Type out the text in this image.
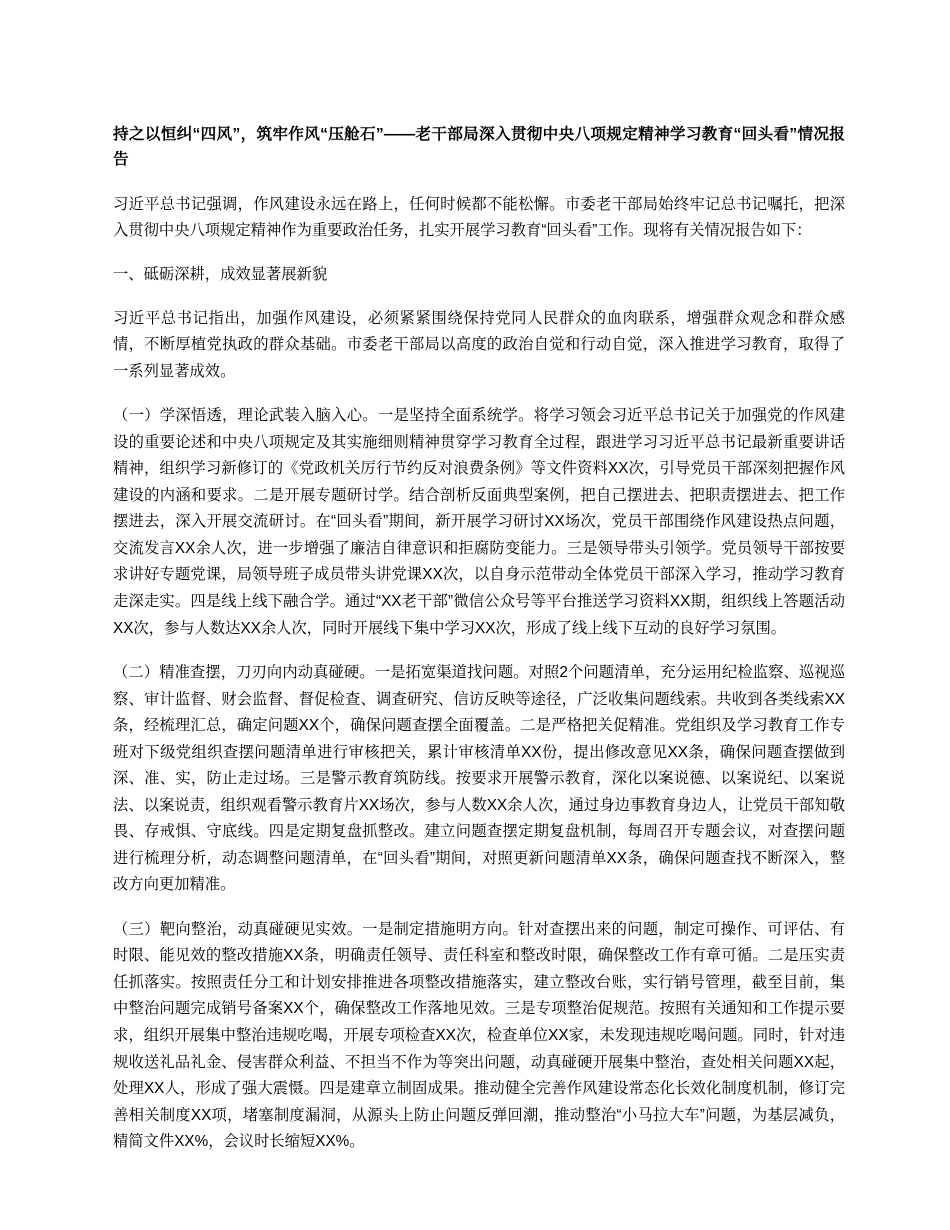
持之以恒纠“四风”，筑牢作风“压舱石”——老干部局深入贯彻中央八项规定精神学习教育“回头看”情况报告

习近平总书记强调，作风建设永远在路上，任何时候都不能松懈。市委老干部局始终牢记总书记嘱托，把深入贯彻中央八项规定精神作为重要政治任务，扎实开展学习教育“回头看”工作。现将有关情况报告如下：

一、砥砺深耕，成效显著展新貌

习近平总书记指出，加强作风建设，必须紧紧围绕保持党同人民群众的血肉联系，增强群众观念和群众感情，不断厚植党执政的群众基础。市委老干部局以高度的政治自觉和行动自觉，深入推进学习教育，取得了一系列显著成效。

（一）学深悟透，理论武装入脑入心。一是坚持全面系统学。将学习领会习近平总书记关于加强党的作风建设的重要论述和中央八项规定及其实施细则精神贯穿学习教育全过程，跟进学习习近平总书记最新重要讲话精神，组织学习新修订的《党政机关厉行节约反对浪费条例》等文件资料XX次，引导党员干部深刻把握作风建设的内涵和要求。二是开展专题研讨学。结合剖析反面典型案例，把自己摆进去、把职责摆进去、把工作摆进去，深入开展交流研讨。在“回头看”期间，新开展学习研讨XX场次，党员干部围绕作风建设热点问题，交流发言XX余人次，进一步增强了廉洁自律意识和拒腐防变能力。三是领导带头引领学。党员领导干部按要求讲好专题党课，局领导班子成员带头讲党课XX次，以自身示范带动全体党员干部深入学习，推动学习教育走深走实。四是线上线下融合学。通过“XX老干部”微信公众号等平台推送学习资料XX期，组织线上答题活动XX次，参与人数达XX余人次，同时开展线下集中学习XX次，形成了线上线下互动的良好学习氛围。

（二）精准查摆，刀刃向内动真碰硬。一是拓宽渠道找问题。对照2个问题清单，充分运用纪检监察、巡视巡察、审计监督、财会监督、督促检查、调查研究、信访反映等途径，广泛收集问题线索。共收到各类线索XX条，经梳理汇总，确定问题XX个，确保问题查摆全面覆盖。二是严格把关促精准。党组织及学习教育工作专班对下级党组织查摆问题清单进行审核把关，累计审核清单XX份，提出修改意见XX条，确保问题查摆做到深、准、实，防止走过场。三是警示教育筑防线。按要求开展警示教育，深化以案说德、以案说纪、以案说法、以案说责，组织观看警示教育片XX场次，参与人数XX余人次，通过身边事教育身边人，让党员干部知敬畏、存戒惧、守底线。四是定期复盘抓整改。建立问题查摆定期复盘机制，每周召开专题会议，对查摆问题进行梳理分析，动态调整问题清单，在“回头看”期间，对照更新问题清单XX条，确保问题查找不断深入，整改方向更加精准。

（三）靶向整治，动真碰硬见实效。一是制定措施明方向。针对查摆出来的问题，制定可操作、可评估、有时限、能见效的整改措施XX条，明确责任领导、责任科室和整改时限，确保整改工作有章可循。二是压实责任抓落实。按照责任分工和计划安排推进各项整改措施落实，建立整改台账，实行销号管理，截至目前，集中整治问题完成销号备案XX个，确保整改工作落地见效。三是专项整治促规范。按照有关通知和工作提示要求，组织开展集中整治违规吃喝，开展专项检查XX次，检查单位XX家，未发现违规吃喝问题。同时，针对违规收送礼品礼金、侵害群众利益、不担当不作为等突出问题，动真碰硬开展集中整治，查处相关问题XX起，处理XX人，形成了强大震慑。四是建章立制固成果。推动健全完善作风建设常态化长效化制度机制，修订完善相关制度XX项，堵塞制度漏洞，从源头上防止问题反弹回潮，推动整治“小马拉大车”问题，为基层减负，精简文件XX%，会议时长缩短XX%。
